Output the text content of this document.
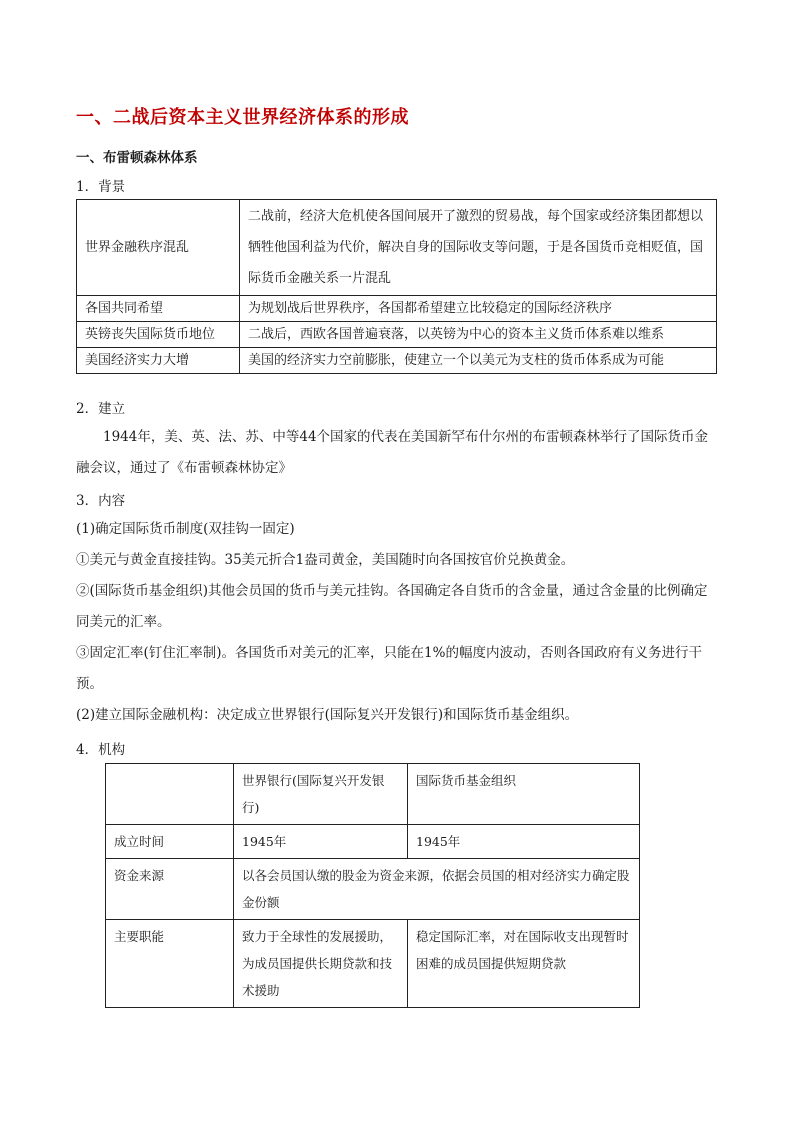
一、二战后资本主义世界经济体系的形成
一、布雷顿森林体系
1．背景
世界金融秩序混乱	二战前，经济大危机使各国间展开了激烈的贸易战，每个国家或经济集团都想以牺牲他国利益为代价，解决自身的国际收支等问题，于是各国货币竞相贬值，国际货币金融关系一片混乱
各国共同希望	为规划战后世界秩序，各国都希望建立比较稳定的国际经济秩序
英镑丧失国际货币地位	二战后，西欧各国普遍衰落，以英镑为中心的资本主义货币体系难以维系
美国经济实力大增	美国的经济实力空前膨胀，使建立一个以美元为支柱的货币体系成为可能
2．建立
1944年，美、英、法、苏、中等44个国家的代表在美国新罕布什尔州的布雷顿森林举行了国际货币金融会议，通过了《布雷顿森林协定》
3．内容
(1)确定国际货币制度(双挂钩一固定)
①美元与黄金直接挂钩。35美元折合1盎司黄金，美国随时向各国按官价兑换黄金。
②(国际货币基金组织)其他会员国的货币与美元挂钩。各国确定各自货币的含金量，通过含金量的比例确定同美元的汇率。
③固定汇率(钉住汇率制)。各国货币对美元的汇率，只能在1%的幅度内波动，否则各国政府有义务进行干预。
(2)建立国际金融机构：决定成立世界银行(国际复兴开发银行)和国际货币基金组织。
4．机构
	世界银行(国际复兴开发银行)	国际货币基金组织
成立时间	1945年	1945年
资金来源	以各会员国认缴的股金为资金来源，依据会员国的相对经济实力确定股金份额	
主要职能	致力于全球性的发展援助，为成员国提供长期贷款和技术援助	稳定国际汇率，对在国际收支出现暂时困难的成员国提供短期贷款
